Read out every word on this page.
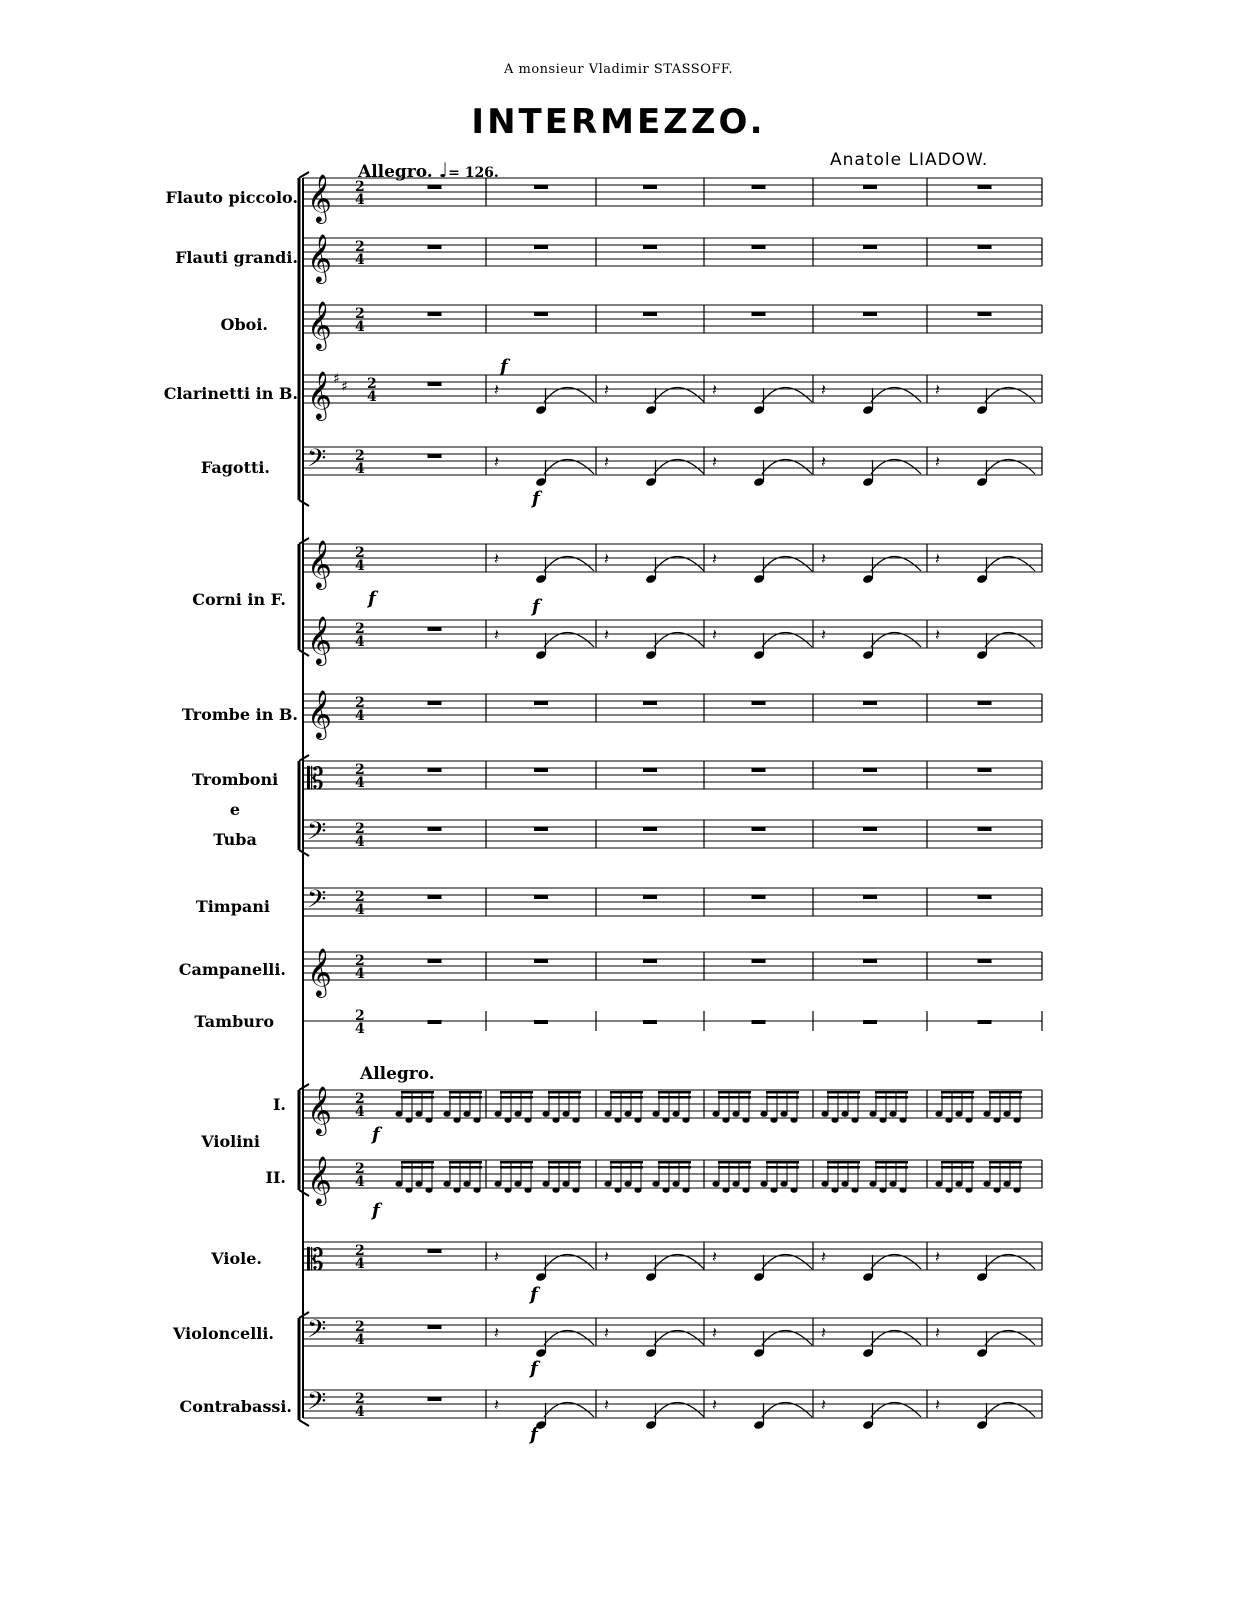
A monsieur Vladimir STASSOFF.
INTERMEZZO.
Anatole LIADOW.
Allegro. ♩= 126.
Allegro.
Flauto piccolo.
Flauti grandi.
Oboi.
Clarinetti in B.
Fagotti.
Corni in F.
Trombe in B.
Tromboni
e
Tuba
Timpani
Campanelli.
Tamburo
I.
Violini
II.
Viole.
Violoncelli.
Contrabassi.
𝄞 2
4
𝄞 2
4
𝄞 2
4
𝄞 ♯ ♯ 2
4
𝄢 2
4
𝄞 2
4
𝄞 2
4
𝄞 2
4
𝄡 2
4
𝄢 2
4
𝄢 2
4
𝄞 2
4
2
4
𝄞 2
4
𝄞 2
4
𝄡 2
4
𝄢 2
4
𝄢 2
4
𝄽	𝄽	𝄽	𝄽	𝄽
𝄽	𝄽	𝄽	𝄽	𝄽
𝄽	𝄽	𝄽	𝄽	𝄽
𝄽	𝄽	𝄽	𝄽	𝄽
𝄽	𝄽	𝄽	𝄽	𝄽
𝄽	𝄽	𝄽	𝄽	𝄽
𝄽	𝄽	𝄽	𝄽	𝄽
f
f
f	f
f
f
f
f
f
